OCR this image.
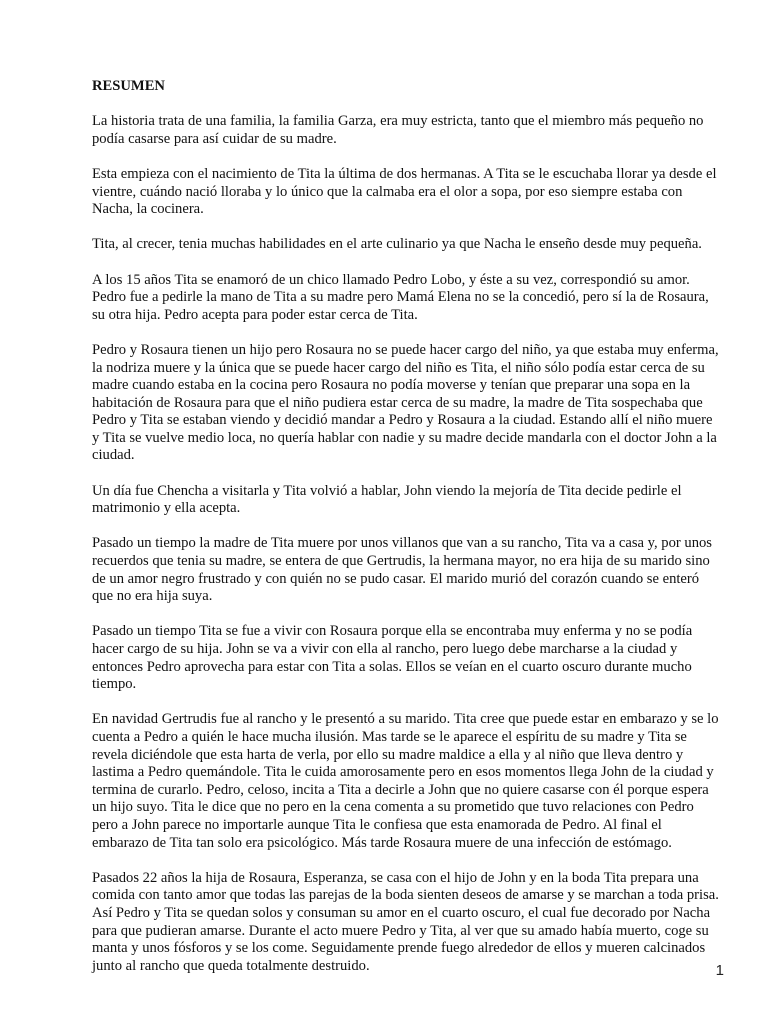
RESUMEN

La historia trata de una familia, la familia Garza, era muy estricta, tanto que el miembro más pequeño no podía casarse para así cuidar de su madre.

Esta empieza con el nacimiento de Tita la última de dos hermanas. A Tita se le escuchaba llorar ya desde el vientre, cuándo nació lloraba y lo único que la calmaba era el olor a sopa, por eso siempre estaba con Nacha, la cocinera.

Tita, al crecer, tenia muchas habilidades en el arte culinario ya que Nacha le enseño desde muy pequeña.

A los 15 años Tita se enamoró de un chico llamado Pedro Lobo, y éste a su vez, correspondió su amor. Pedro fue a pedirle la mano de Tita a su madre pero Mamá Elena no se la concedió, pero sí la de Rosaura, su otra hija. Pedro acepta para poder estar cerca de Tita.

Pedro y Rosaura tienen un hijo pero Rosaura no se puede hacer cargo del niño, ya que estaba muy enferma, la nodriza muere y la única que se puede hacer cargo del niño es Tita, el niño sólo podía estar cerca de su madre cuando estaba en la cocina pero Rosaura no podía moverse y tenían que preparar una sopa en la habitación de Rosaura para que el niño pudiera estar cerca de su madre, la madre de Tita sospechaba que Pedro y Tita se estaban viendo y decidió mandar a Pedro y Rosaura a la ciudad. Estando allí el niño muere y Tita se vuelve medio loca, no quería hablar con nadie y su madre decide mandarla con el doctor John a la ciudad.

Un día fue Chencha a visitarla y Tita volvió a hablar, John viendo la mejoría de Tita decide pedirle el matrimonio y ella acepta.

Pasado un tiempo la madre de Tita muere por unos villanos que van a su rancho, Tita va a casa y, por unos recuerdos que tenia su madre, se entera de que Gertrudis, la hermana mayor, no era hija de su marido sino de un amor negro frustrado y con quién no se pudo casar. El marido murió del corazón cuando se enteró que no era hija suya.

Pasado un tiempo Tita se fue a vivir con Rosaura porque ella se encontraba muy enferma y no se podía hacer cargo de su hija. John se va a vivir con ella al rancho, pero luego debe marcharse a la ciudad y entonces Pedro aprovecha para estar con Tita a solas. Ellos se veían en el cuarto oscuro durante mucho tiempo.

En navidad Gertrudis fue al rancho y le presentó a su marido. Tita cree que puede estar en embarazo y se lo cuenta a Pedro a quién le hace mucha ilusión. Mas tarde se le aparece el espíritu de su madre y Tita se revela diciéndole que esta harta de verla, por ello su madre maldice a ella y al niño que lleva dentro y lastima a Pedro quemándole. Tita le cuida amorosamente pero en esos momentos llega John de la ciudad y termina de curarlo. Pedro, celoso, incita a Tita a decirle a John que no quiere casarse con él porque espera un hijo suyo. Tita le dice que no pero en la cena comenta a su prometido que tuvo relaciones con Pedro pero a John parece no importarle aunque Tita le confiesa que esta enamorada de Pedro. Al final el embarazo de Tita tan solo era psicológico. Más tarde Rosaura muere de una infección de estómago.

Pasados 22 años la hija de Rosaura, Esperanza, se casa con el hijo de John y en la boda Tita prepara una comida con tanto amor que todas las parejas de la boda sienten deseos de amarse y se marchan a toda prisa. Así Pedro y Tita se quedan solos y consuman su amor en el cuarto oscuro, el cual fue decorado por Nacha para que pudieran amarse. Durante el acto muere Pedro y Tita, al ver que su amado había muerto, coge su manta y unos fósforos y se los come. Seguidamente prende fuego alrededor de ellos y mueren calcinados junto al rancho que queda totalmente destruido.	1
